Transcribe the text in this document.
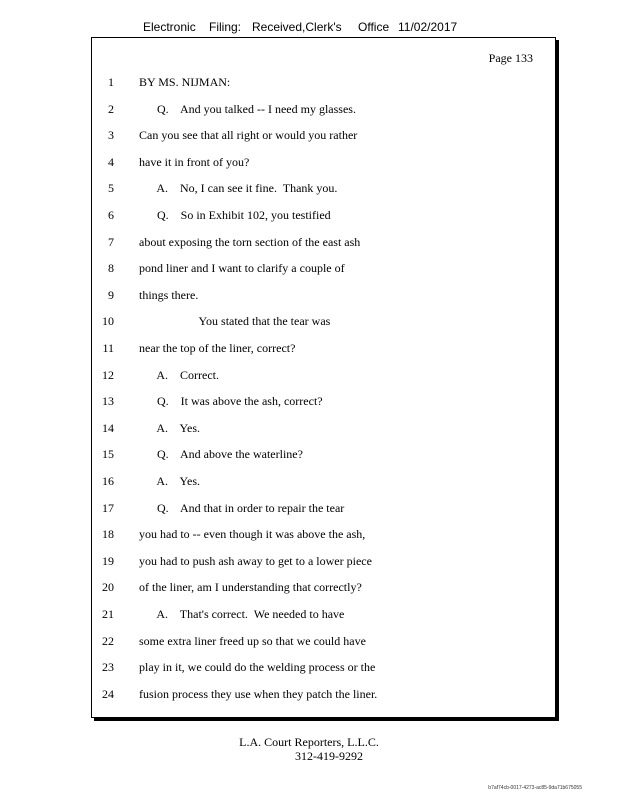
Electronic Filing: Received,Clerk's Office 11/02/2017
Page 133
1 BY MS. NIJMAN:
2 Q.    And you talked -- I need my glasses.
3 Can you see that all right or would you rather
4 have it in front of you?
5 A.    No, I can see it fine.  Thank you.
6 Q.    So in Exhibit 102, you testified
7 about exposing the torn section of the east ash
8 pond liner and I want to clarify a couple of
9 things there.
10 You stated that the tear was
11 near the top of the liner, correct?
12 A.    Correct.
13 Q.    It was above the ash, correct?
14 A.    Yes.
15 Q.    And above the waterline?
16 A.    Yes.
17 Q.    And that in order to repair the tear
18 you had to -- even though it was above the ash,
19 you had to push ash away to get to a lower piece
20 of the liner, am I understanding that correctly?
21 A.    That's correct.  We needed to have
22 some extra liner freed up so that we could have
23 play in it, we could do the welding process or the
24 fusion process they use when they patch the liner.
L.A. Court Reporters, L.L.C.
312-419-9292
b7af74cb-0017-4273-ac85-9da71b675055
